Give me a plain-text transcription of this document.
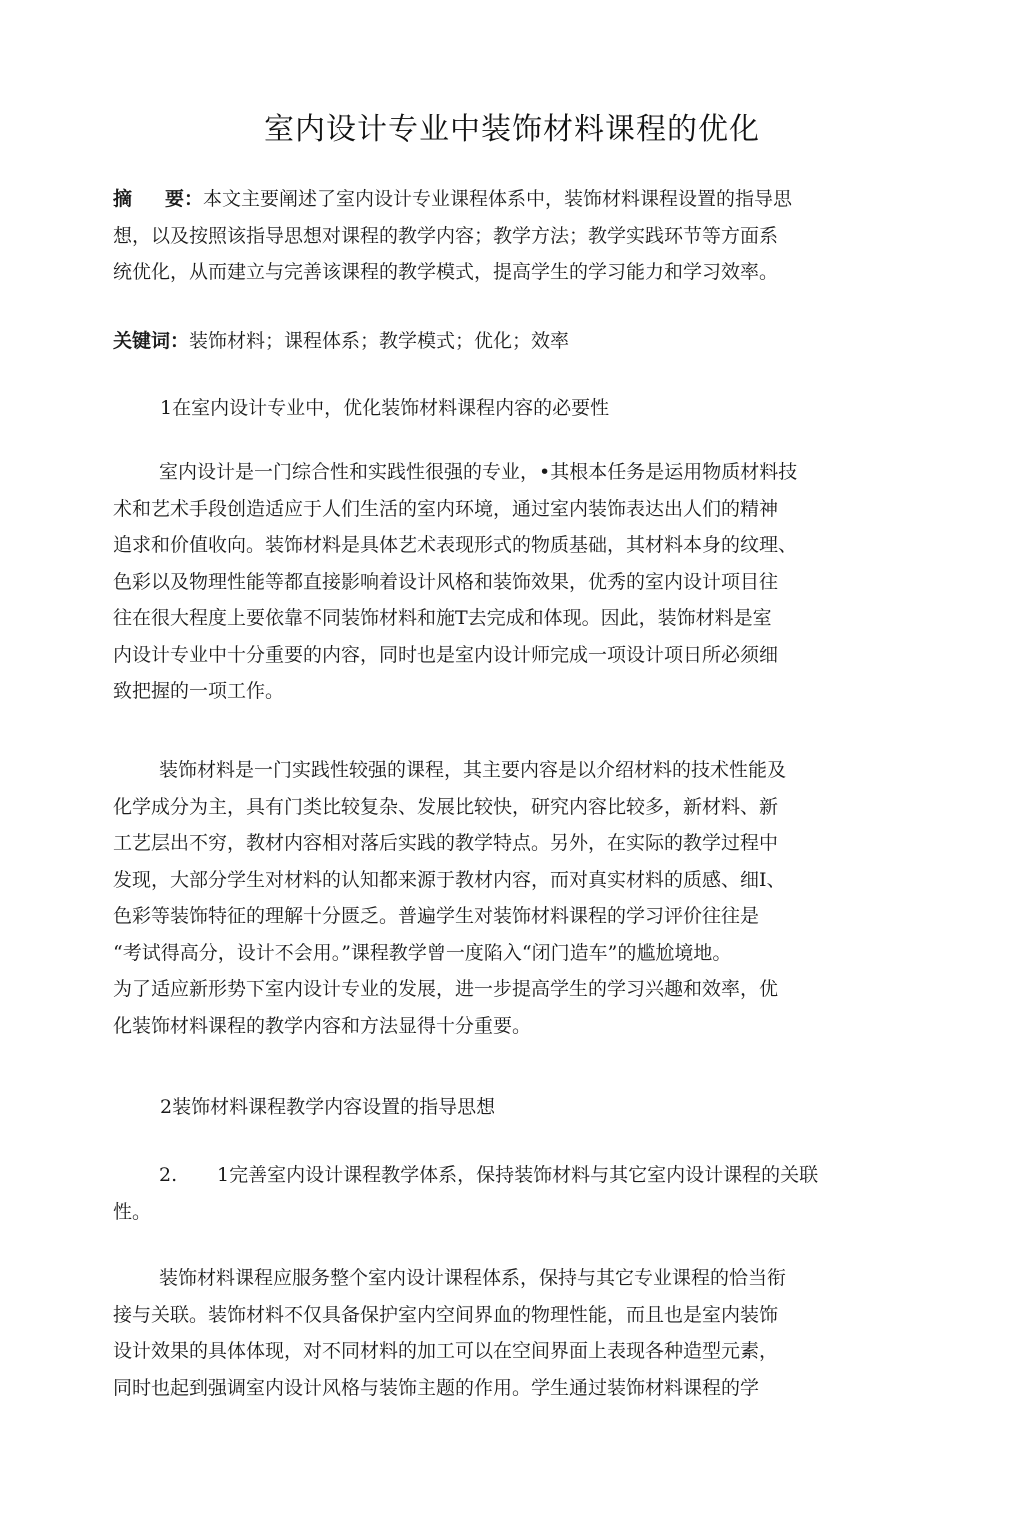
室内设计专业中装饰材料课程的优化
摘 要：本文主要阐述了室内设计专业课程体系中，装饰材料课程设置的指导思
想，以及按照该指导思想对课程的教学内容；教学方法；教学实践环节等方面系
统优化，从而建立与完善该课程的教学模式，提高学生的学习能力和学习效率。
关键词：装饰材料；课程体系；教学模式；优化；效率
1在室内设计专业中，优化装饰材料课程内容的必要性
室内设计是一门综合性和实践性很强的专业，•其根本任务是运用物质材料技
术和艺术手段创造适应于人们生活的室内环境，通过室内装饰表达出人们的精神
追求和价值收向。装饰材料是具体艺术表现形式的物质基础，其材料本身的纹理、
色彩以及物理性能等都直接影响着设计风格和装饰效果，优秀的室内设计项目往
往在很大程度上要依靠不同装饰材料和施T去完成和体现。因此，装饰材料是室
内设计专业中十分重要的内容，同时也是室内设计师完成一项设计项日所必须细
致把握的一项工作。
装饰材料是一门实践性较强的课程，其主要内容是以介绍材料的技术性能及
化学成分为主，具有门类比较复杂、发展比较快，研究内容比较多，新材料、新
工艺层出不穷，教材内容相对落后实践的教学特点。另外，在实际的教学过程中
发现，大部分学生对材料的认知都来源于教材内容，而对真实材料的质感、细I、
色彩等装饰特征的理解十分匮乏。普遍学生对装饰材料课程的学习评价往往是
“考试得高分，设计不会用。”课程教学曾一度陷入“闭门造车”的尴尬境地。
为了适应新形势下室内设计专业的发展，进一步提高学生的学习兴趣和效率，优
化装饰材料课程的教学内容和方法显得十分重要。
2装饰材料课程教学内容设置的指导思想
2. 1完善室内设计课程教学体系，保持装饰材料与其它室内设计课程的关联
性。
装饰材料课程应服务整个室内设计课程体系，保持与其它专业课程的恰当衔
接与关联。装饰材料不仅具备保护室内空间界血的物理性能，而且也是室内装饰
设计效果的具体体现，对不同材料的加工可以在空间界面上表现各种造型元素，
同时也起到强调室内设计风格与装饰主题的作用。学生通过装饰材料课程的学
